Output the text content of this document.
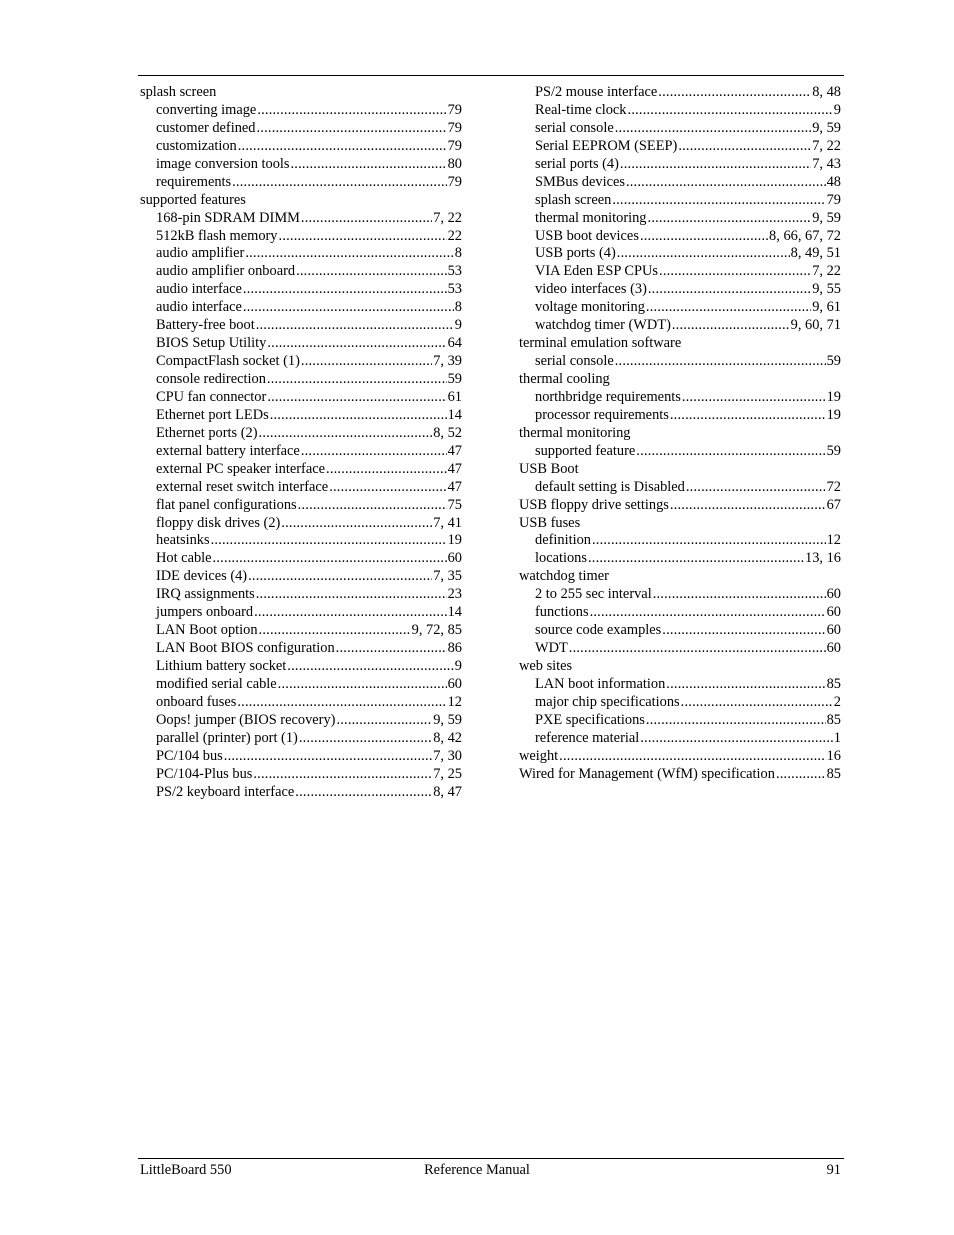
splash screen
converting image .....	79
customer defined .....	79
customization .....	79
image conversion tools .....	80
requirements .....	79
supported features
168-pin SDRAM DIMM .....	7, 22
512kB flash memory .....	22
audio amplifier .....	8
audio amplifier onboard .....	53
audio interface .....	53
audio interface .....	8
Battery-free boot .....	9
BIOS Setup Utility .....	64
CompactFlash socket (1) .....	7, 39
console redirection .....	59
CPU fan connector .....	61
Ethernet port LEDs .....	14
Ethernet ports (2) .....	8, 52
external battery interface .....	47
external PC speaker interface .....	47
external reset switch interface .....	47
flat panel configurations .....	75
floppy disk drives (2) .....	7, 41
heatsinks .....	19
Hot cable .....	60
IDE devices (4) .....	7, 35
IRQ assignments .....	23
jumpers onboard .....	14
LAN Boot option .....	9, 72, 85
LAN Boot BIOS configuration .....	86
Lithium battery socket .....	9
modified serial cable .....	60
onboard fuses .....	12
Oops! jumper (BIOS recovery) .....	9, 59
parallel (printer) port (1) .....	8, 42
PC/104 bus .....	7, 30
PC/104-Plus bus .....	7, 25
PS/2 keyboard interface .....	8, 47
PS/2 mouse interface .....	8, 48
Real-time clock .....	9
serial console .....	9, 59
Serial EEPROM (SEEP) .....	7, 22
serial ports (4) .....	7, 43
SMBus devices .....	48
splash screen .....	79
thermal monitoring .....	9, 59
USB boot devices .....	8, 66, 67, 72
USB ports (4) .....	8, 49, 51
VIA Eden ESP CPUs .....	7, 22
video interfaces (3) .....	9, 55
voltage monitoring .....	9, 61
watchdog timer (WDT) .....	9, 60, 71
terminal emulation software
serial console .....	59
thermal cooling
northbridge requirements .....	19
processor requirements .....	19
thermal monitoring
supported feature .....	59
USB Boot
default setting is Disabled .....	72
USB floppy drive settings .....	67
USB fuses
definition .....	12
locations .....	13, 16
watchdog timer
2 to 255 sec interval .....	60
functions .....	60
source code examples .....	60
WDT .....	60
web sites
LAN boot information .....	85
major chip specifications .....	2
PXE specifications .....	85
reference material .....	1
weight .....	16
Wired for Management (WfM) specification .....	85
LittleBoard 550	Reference Manual	91
